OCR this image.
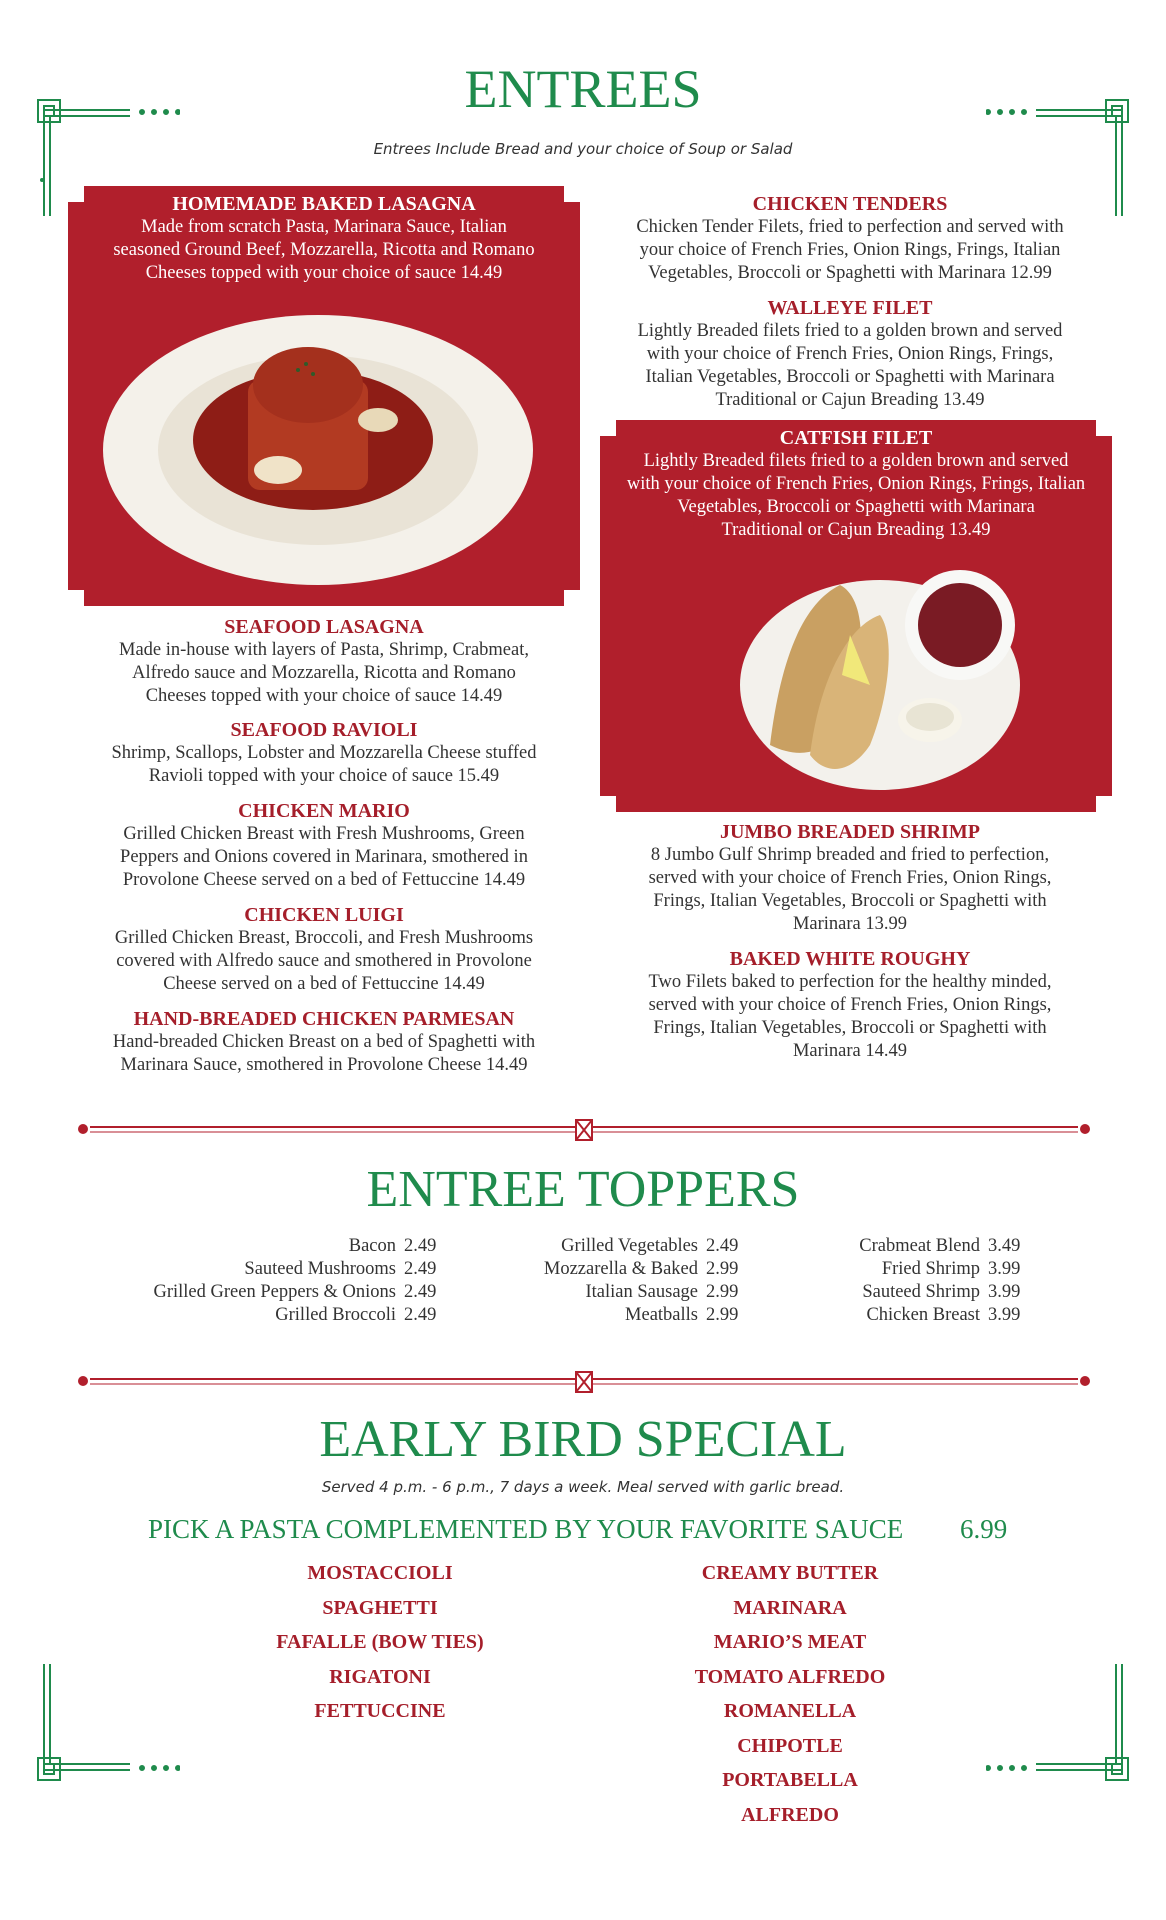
ENTREES
Entrees Include Bread and your choice of Soup or Salad
HOMEMADE BAKED LASAGNA
Made from scratch Pasta, Marinara Sauce, Italian
seasoned Ground Beef, Mozzarella, Ricotta and Romano
Cheeses topped with your choice of sauce 14.49
SEAFOOD LASAGNA
Made in-house with layers of Pasta, Shrimp, Crabmeat,
Alfredo sauce and Mozzarella, Ricotta and Romano
Cheeses topped with your choice of sauce 14.49
SEAFOOD RAVIOLI
Shrimp, Scallops, Lobster and Mozzarella Cheese stuffed
Ravioli topped with your choice of sauce 15.49
CHICKEN MARIO
Grilled Chicken Breast with Fresh Mushrooms, Green
Peppers and Onions covered in Marinara, smothered in
Provolone Cheese served on a bed of Fettuccine 14.49
CHICKEN LUIGI
Grilled Chicken Breast, Broccoli, and Fresh Mushrooms
covered with Alfredo sauce and smothered in Provolone
Cheese served on a bed of Fettuccine 14.49
HAND-BREADED CHICKEN PARMESAN
Hand-breaded Chicken Breast on a bed of Spaghetti with
Marinara Sauce, smothered in Provolone Cheese 14.49
CHICKEN TENDERS
Chicken Tender Filets, fried to perfection and served with
your choice of French Fries, Onion Rings, Frings, Italian
Vegetables, Broccoli or Spaghetti with Marinara 12.99
WALLEYE FILET
Lightly Breaded filets fried to a golden brown and served
with your choice of French Fries, Onion Rings, Frings,
Italian Vegetables, Broccoli or Spaghetti with Marinara
Traditional or Cajun Breading 13.49
CATFISH FILET
Lightly Breaded filets fried to a golden brown and served
with your choice of French Fries, Onion Rings, Frings, Italian
Vegetables, Broccoli or Spaghetti with Marinara
Traditional or Cajun Breading 13.49
JUMBO BREADED SHRIMP
8 Jumbo Gulf Shrimp breaded and fried to perfection,
served with your choice of French Fries, Onion Rings,
Frings, Italian Vegetables, Broccoli or Spaghetti with
Marinara 13.99
BAKED WHITE ROUGHY
Two Filets baked to perfection for the healthy minded,
served with your choice of French Fries, Onion Rings,
Frings, Italian Vegetables, Broccoli or Spaghetti with
Marinara 14.49
ENTREE TOPPERS
Bacon 2.49
Sauteed Mushrooms 2.49
Grilled Green Peppers & Onions 2.49
Grilled Broccoli 2.49
Grilled Vegetables 2.49
Mozzarella & Baked 2.99
Italian Sausage 2.99
Meatballs 2.99
Crabmeat Blend 3.49
Fried Shrimp 3.99
Sauteed Shrimp 3.99
Chicken Breast 3.99
EARLY BIRD SPECIAL
Served 4 p.m. - 6 p.m., 7 days a week. Meal served with garlic bread.
PICK A PASTA COMPLEMENTED BY YOUR FAVORITE SAUCE 6.99
MOSTACCIOLI
SPAGHETTI
FAFALLE (BOW TIES)
RIGATONI
FETTUCCINE
CREAMY BUTTER
MARINARA
MARIO’S MEAT
TOMATO ALFREDO
ROMANELLA
CHIPOTLE
PORTABELLA
ALFREDO
